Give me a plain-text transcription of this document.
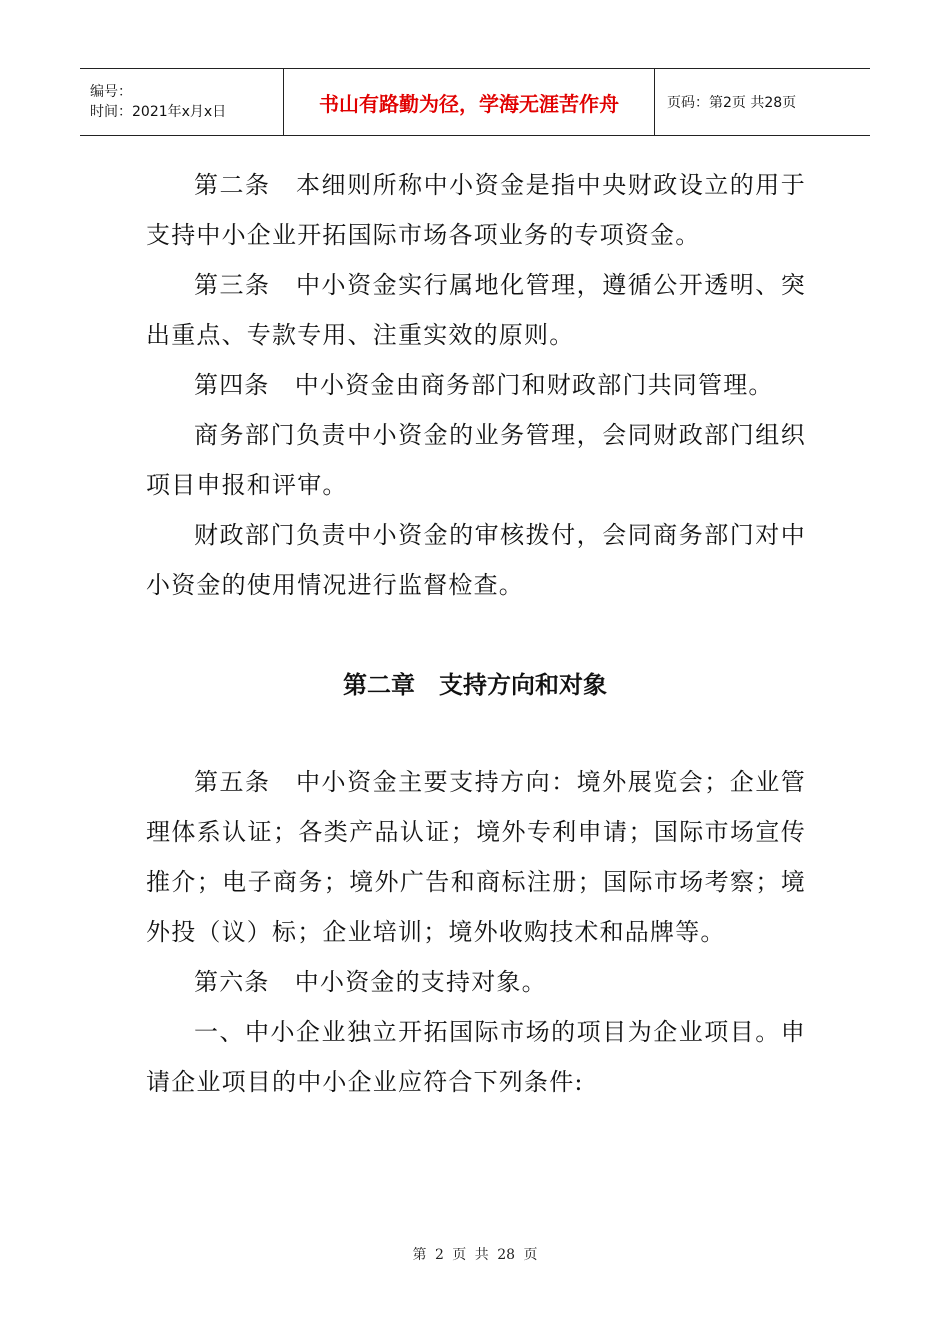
编号：
时间：2021年x月x日	书山有路勤为径，学海无涯苦作舟	页码：第2页 共28页

第二条　本细则所称中小资金是指中央财政设立的用于支持中小企业开拓国际市场各项业务的专项资金。

第三条　中小资金实行属地化管理，遵循公开透明、突出重点、专款专用、注重实效的原则。

第四条　中小资金由商务部门和财政部门共同管理。

商务部门负责中小资金的业务管理，会同财政部门组织项目申报和评审。

财政部门负责中小资金的审核拨付，会同商务部门对中小资金的使用情况进行监督检查。

第二章　支持方向和对象

第五条　中小资金主要支持方向：境外展览会；企业管理体系认证；各类产品认证；境外专利申请；国际市场宣传推介；电子商务；境外广告和商标注册；国际市场考察；境外投（议）标；企业培训；境外收购技术和品牌等。

第六条　中小资金的支持对象。

一、中小企业独立开拓国际市场的项目为企业项目。申请企业项目的中小企业应符合下列条件:

第 2 页 共 28 页
